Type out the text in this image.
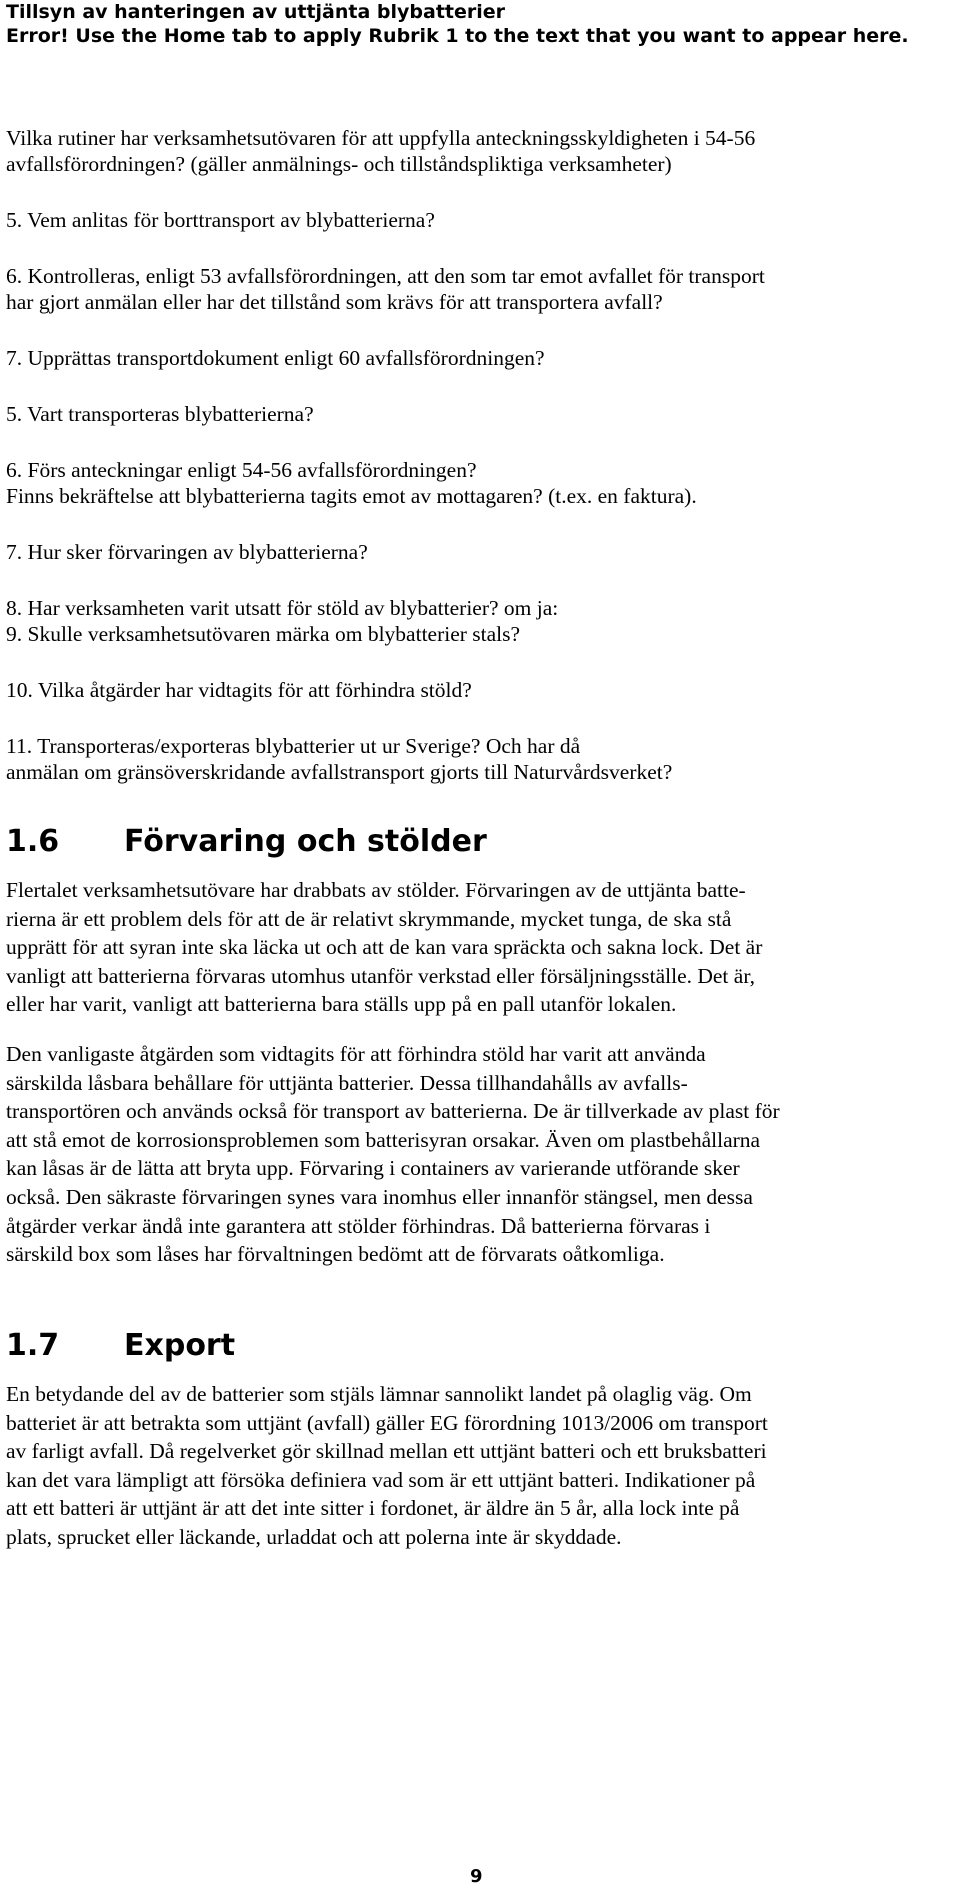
Tillsyn av hanteringen av uttjänta blybatterier
Error! Use the Home tab to apply Rubrik 1 to the text that you want to appear here.
Vilka rutiner har verksamhetsutövaren för att uppfylla anteckningsskyldigheten i 54-56
avfallsförordningen? (gäller anmälnings- och tillståndspliktiga verksamheter)
5. Vem anlitas för borttransport av blybatterierna?
6. Kontrolleras, enligt 53 avfallsförordningen, att den som tar emot avfallet för transport
har gjort anmälan eller har det tillstånd som krävs för att transportera avfall?
7. Upprättas transportdokument enligt 60 avfallsförordningen?
5. Vart transporteras blybatterierna?
6. Förs anteckningar enligt 54-56 avfallsförordningen?
Finns bekräftelse att blybatterierna tagits emot av mottagaren? (t.ex. en faktura).
7. Hur sker förvaringen av blybatterierna?
8. Har verksamheten varit utsatt för stöld av blybatterier? om ja:
9. Skulle verksamhetsutövaren märka om blybatterier stals?
10. Vilka åtgärder har vidtagits för att förhindra stöld?
11. Transporteras/exporteras blybatterier ut ur Sverige? Och har då
anmälan om gränsöverskridande avfallstransport gjorts till Naturvårdsverket?
1.6 Förvaring och stölder
Flertalet verksamhetsutövare har drabbats av stölder. Förvaringen av de uttjänta batte-
rierna är ett problem dels för att de är relativt skrymmande, mycket tunga, de ska stå
upprätt för att syran inte ska läcka ut och att de kan vara spräckta och sakna lock. Det är
vanligt att batterierna förvaras utomhus utanför verkstad eller försäljningsställe. Det är,
eller har varit, vanligt att batterierna bara ställs upp på en pall utanför lokalen.
Den vanligaste åtgärden som vidtagits för att förhindra stöld har varit att använda
särskilda låsbara behållare för uttjänta batterier. Dessa tillhandahålls av avfalls-
transportören och används också för transport av batterierna. De är tillverkade av plast för
att stå emot de korrosionsproblemen som batterisyran orsakar. Även om plastbehållarna
kan låsas är de lätta att bryta upp. Förvaring i containers av varierande utförande sker
också. Den säkraste förvaringen synes vara inomhus eller innanför stängsel, men dessa
åtgärder verkar ändå inte garantera att stölder förhindras. Då batterierna förvaras i
särskild box som låses har förvaltningen bedömt att de förvarats oåtkomliga.
1.7 Export
En betydande del av de batterier som stjäls lämnar sannolikt landet på olaglig väg. Om
batteriet är att betrakta som uttjänt (avfall) gäller EG förordning 1013/2006 om transport
av farligt avfall. Då regelverket gör skillnad mellan ett uttjänt batteri och ett bruksbatteri
kan det vara lämpligt att försöka definiera vad som är ett uttjänt batteri. Indikationer på
att ett batteri är uttjänt är att det inte sitter i fordonet, är äldre än 5 år, alla lock inte på
plats, sprucket eller läckande, urladdat och att polerna inte är skyddade.
9
